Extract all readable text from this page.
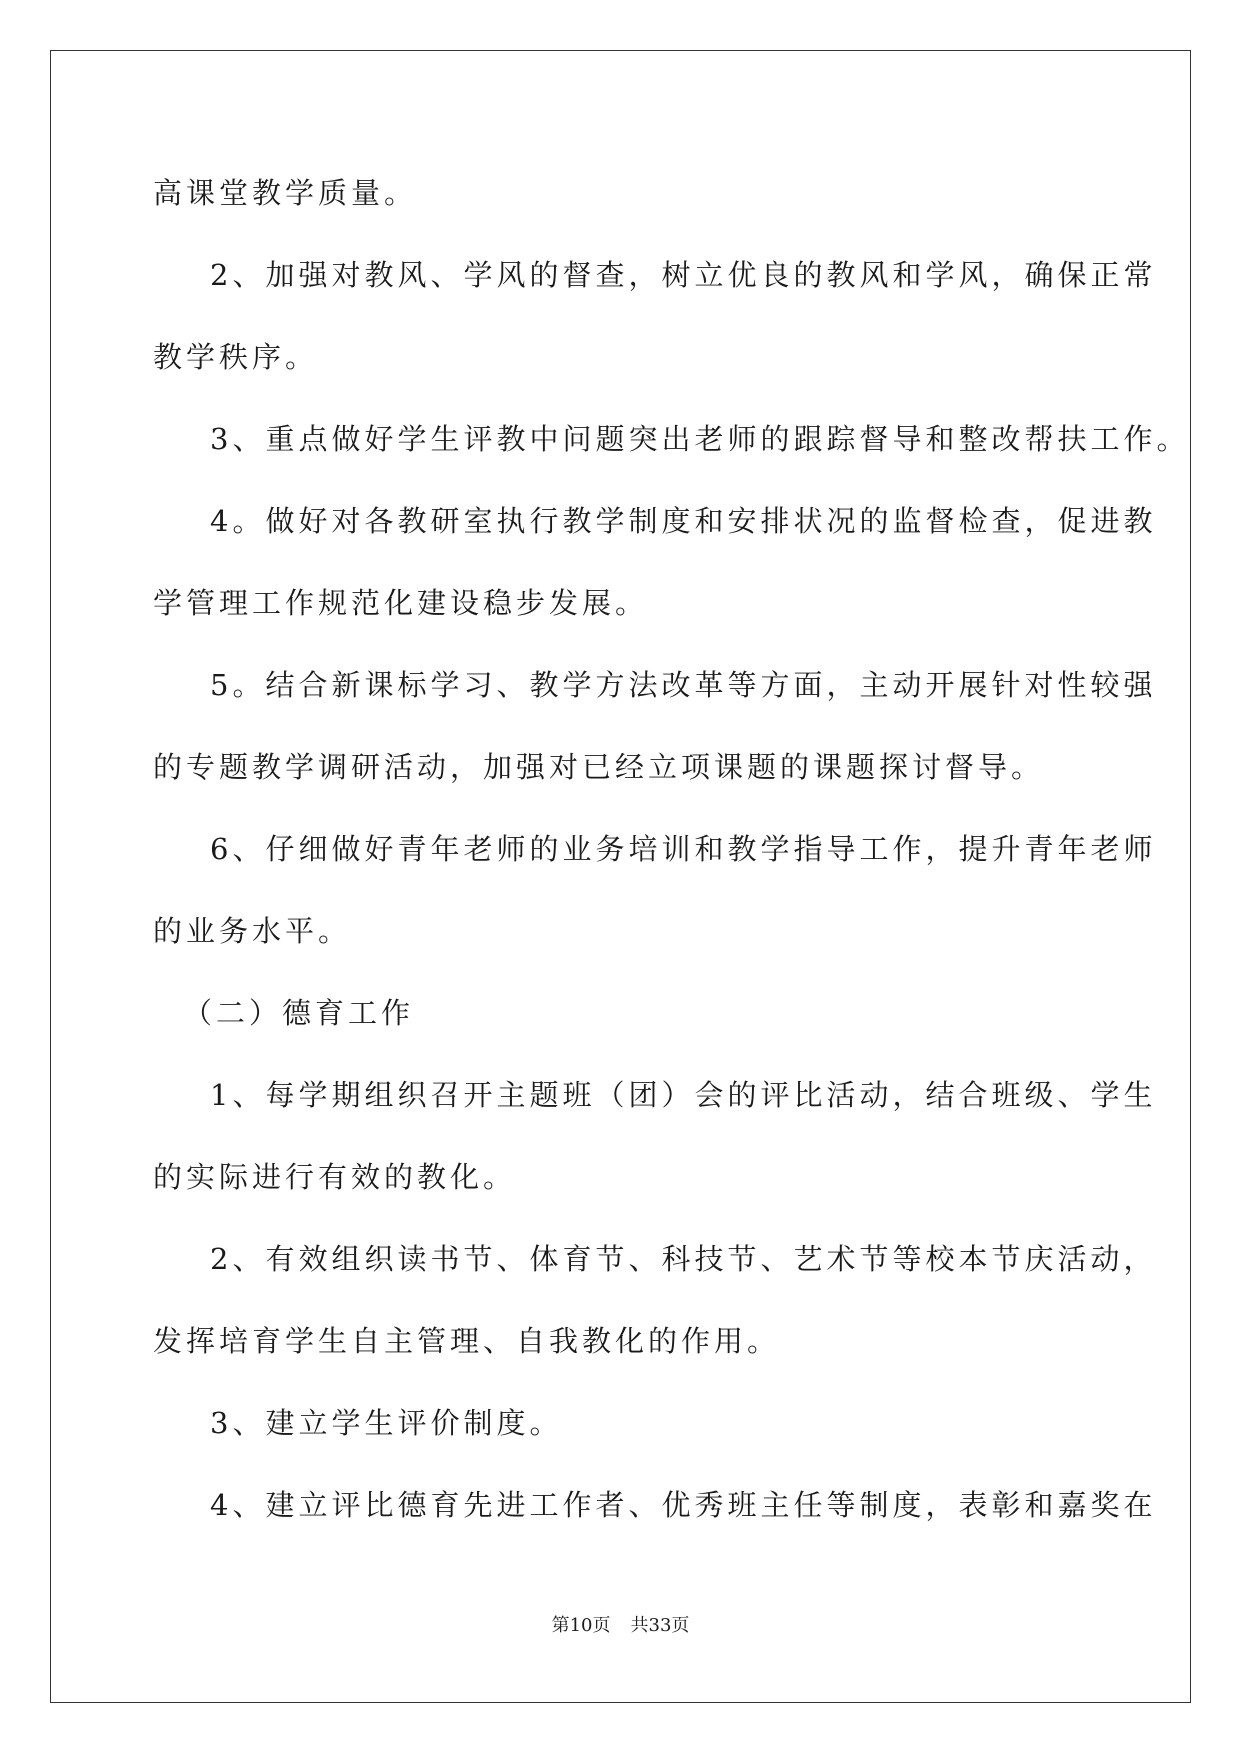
高课堂教学质量。
2、加强对教风、学风的督查，树立优良的教风和学风，确保正常
教学秩序。
3、重点做好学生评教中问题突出老师的跟踪督导和整改帮扶工作。
4。做好对各教研室执行教学制度和安排状况的监督检查，促进教
学管理工作规范化建设稳步发展。
5。结合新课标学习、教学方法改革等方面，主动开展针对性较强
的专题教学调研活动，加强对已经立项课题的课题探讨督导。
6、仔细做好青年老师的业务培训和教学指导工作，提升青年老师
的业务水平。
（二）德育工作
1、每学期组织召开主题班（团）会的评比活动，结合班级、学生
的实际进行有效的教化。
2、有效组织读书节、体育节、科技节、艺术节等校本节庆活动，
发挥培育学生自主管理、自我教化的作用。
3、建立学生评价制度。
4、建立评比德育先进工作者、优秀班主任等制度，表彰和嘉奖在
第10页 共33页
